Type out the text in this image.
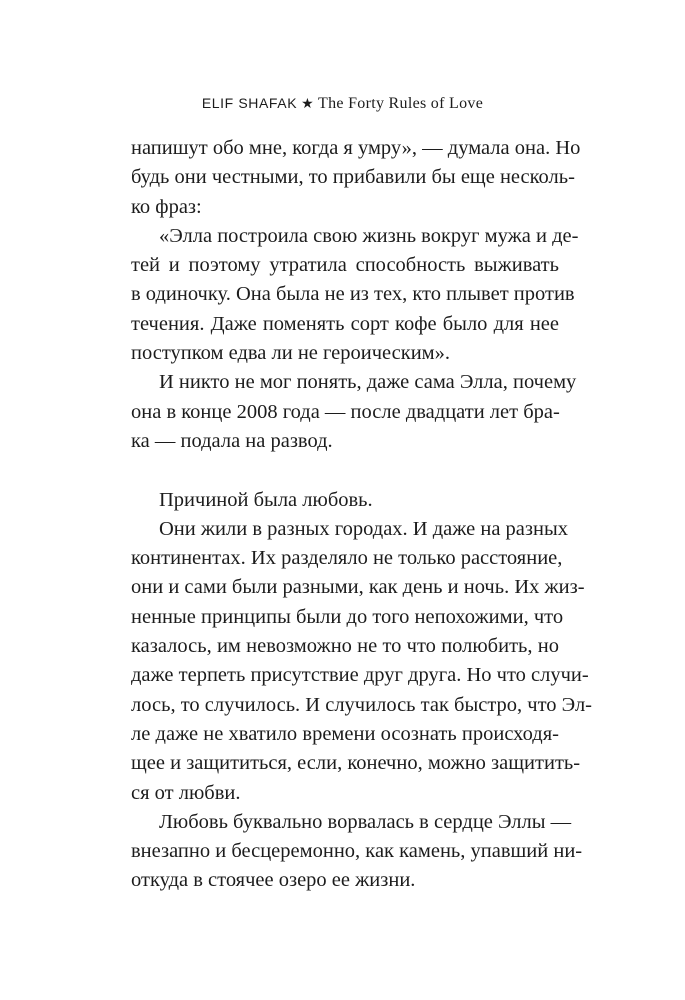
ELIF SHAFAK ★ The Forty Rules of Love
напишут обо мне, когда я умру», — думала она. Но
будь они честными, то прибавили бы еще несколь-
ко фраз:
«Элла построила свою жизнь вокруг мужа и де-
тей и поэтому утратила способность выживать
в одиночку. Она была не из тех, кто плывет против
течения. Даже поменять сорт кофе было для нее
поступком едва ли не героическим».
И никто не мог понять, даже сама Элла, почему
она в конце 2008 года — после двадцати лет бра-
ка — подала на развод.
Причиной была любовь.
Они жили в разных городах. И даже на разных
континентах. Их разделяло не только расстояние,
они и сами были разными, как день и ночь. Их жиз-
ненные принципы были до того непохожими, что
казалось, им невозможно не то что полюбить, но
даже терпеть присутствие друг друга. Но что случи-
лось, то случилось. И случилось так быстро, что Эл-
ле даже не хватило времени осознать происходя-
щее и защититься, если, конечно, можно защитить-
ся от любви.
Любовь буквально ворвалась в сердце Эллы —
внезапно и бесцеремонно, как камень, упавший ни-
откуда в стоячее озеро ее жизни.
